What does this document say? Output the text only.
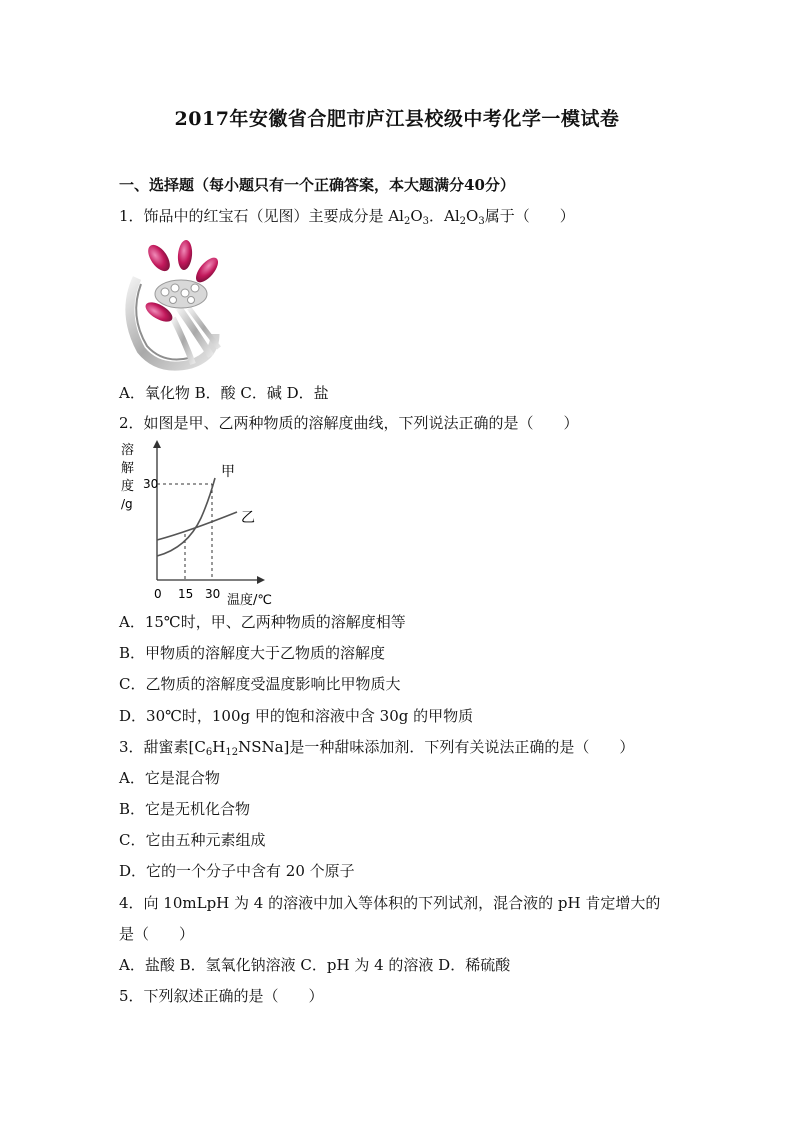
2017年安徽省合肥市庐江县校级中考化学一模试卷
一、选择题（每小题只有一个正确答案，本大题满分40分）
1．饰品中的红宝石（见图）主要成分是 $Al_2O_3$．$Al_2O_3$属于（　　）
A．氧化物 B．酸 C．碱 D．盐
2．如图是甲、乙两种物质的溶解度曲线，下列说法正确的是（　　）
溶
解
度
/g
30
甲
乙
0 15 30 温度/℃
A．15℃时，甲、乙两种物质的溶解度相等
B．甲物质的溶解度大于乙物质的溶解度
C．乙物质的溶解度受温度影响比甲物质大
D．30℃时，100g 甲的饱和溶液中含 30g 的甲物质
3．甜蜜素$[C_6H_{12}NSNa]$是一种甜味添加剂．下列有关说法正确的是（　　）
A．它是混合物
B．它是无机化合物
C．它由五种元素组成
D．它的一个分子中含有 20 个原子
4．向 10mLpH 为 4 的溶液中加入等体积的下列试剂，混合液的 pH 肯定增大的
是（　　）
A．盐酸 B．氢氧化钠溶液 C．pH 为 4 的溶液 D．稀硫酸
5．下列叙述正确的是（　　）
